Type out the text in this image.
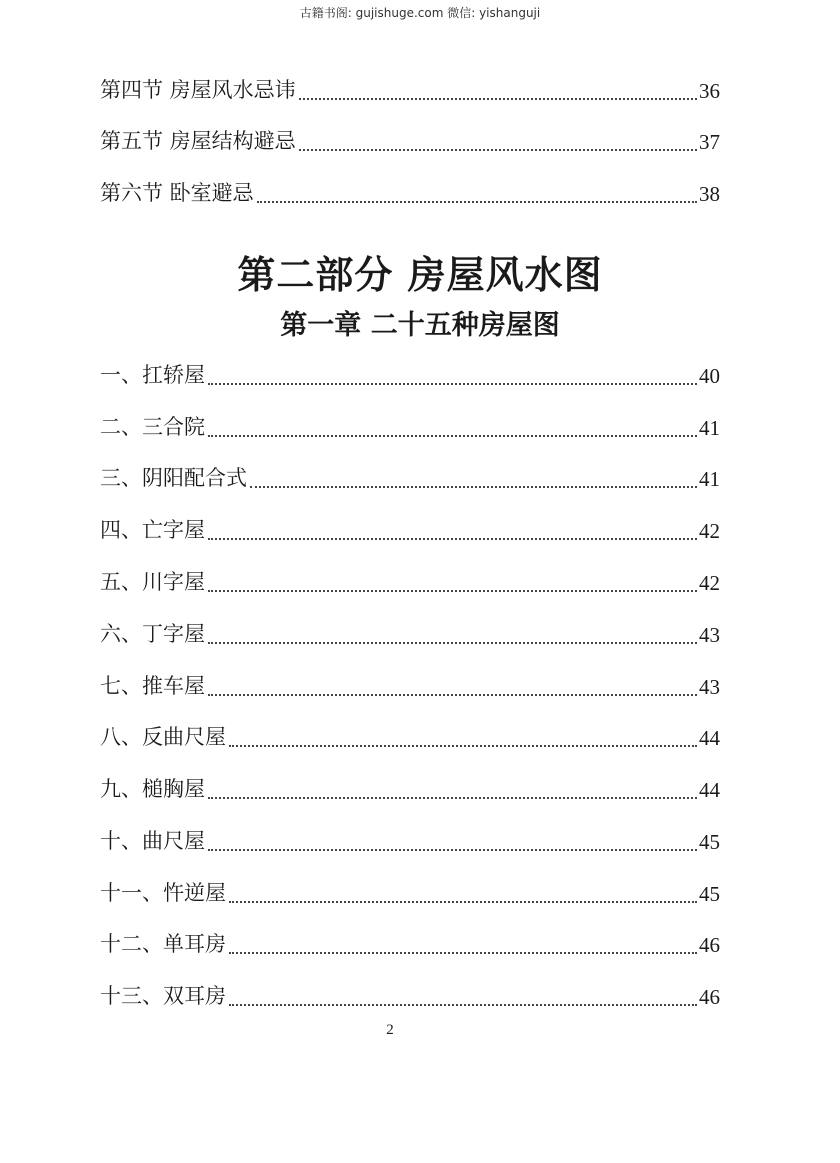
古籍书阁: gujishuge.com 微信: yishanguji
第四节 房屋风水忌讳	36
第五节 房屋结构避忌	37
第六节 卧室避忌	38
第二部分 房屋风水图
第一章 二十五种房屋图
一、扛轿屋	40
二、三合院	41
三、阴阳配合式	41
四、亡字屋	42
五、川字屋	42
六、丁字屋	43
七、推车屋	43
八、反曲尺屋	44
九、槌胸屋	44
十、曲尺屋	45
十一、忤逆屋	45
十二、单耳房	46
十三、双耳房	46
2
